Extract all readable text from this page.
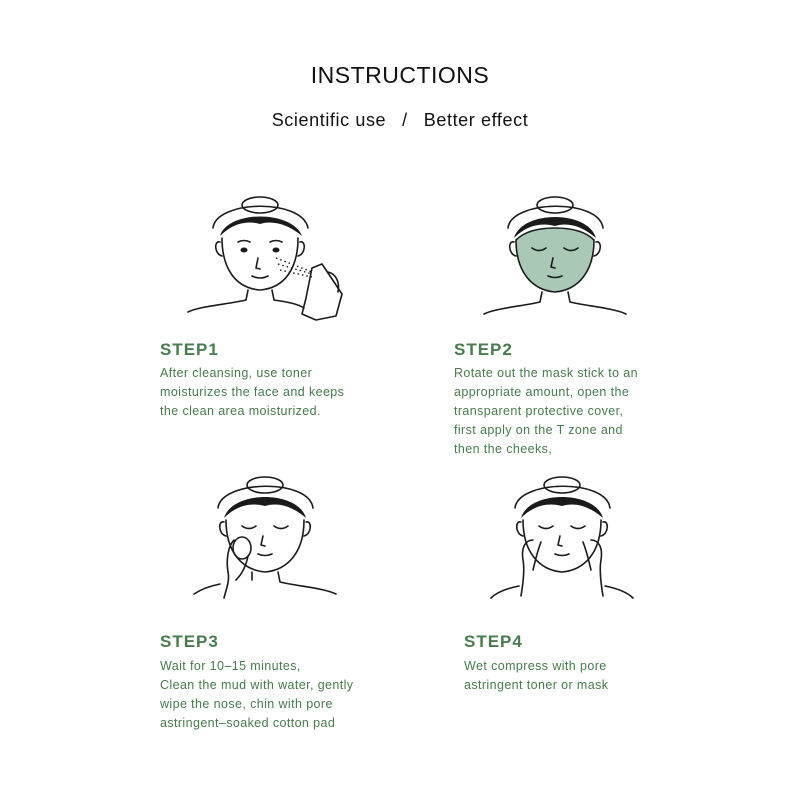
INSTRUCTIONS
Scientific use / Better effect
STEP1
After cleansing, use toner
moisturizes the face and keeps
the clean area moisturized.
STEP2
Rotate out the mask stick to an
appropriate amount, open the
transparent protective cover,
first apply on the T zone and
then the cheeks,
STEP3
Wait for 10–15 minutes,
Clean the mud with water, gently
wipe the nose, chin with pore
astringent–soaked cotton pad
STEP4
Wet compress with pore
astringent toner or mask
